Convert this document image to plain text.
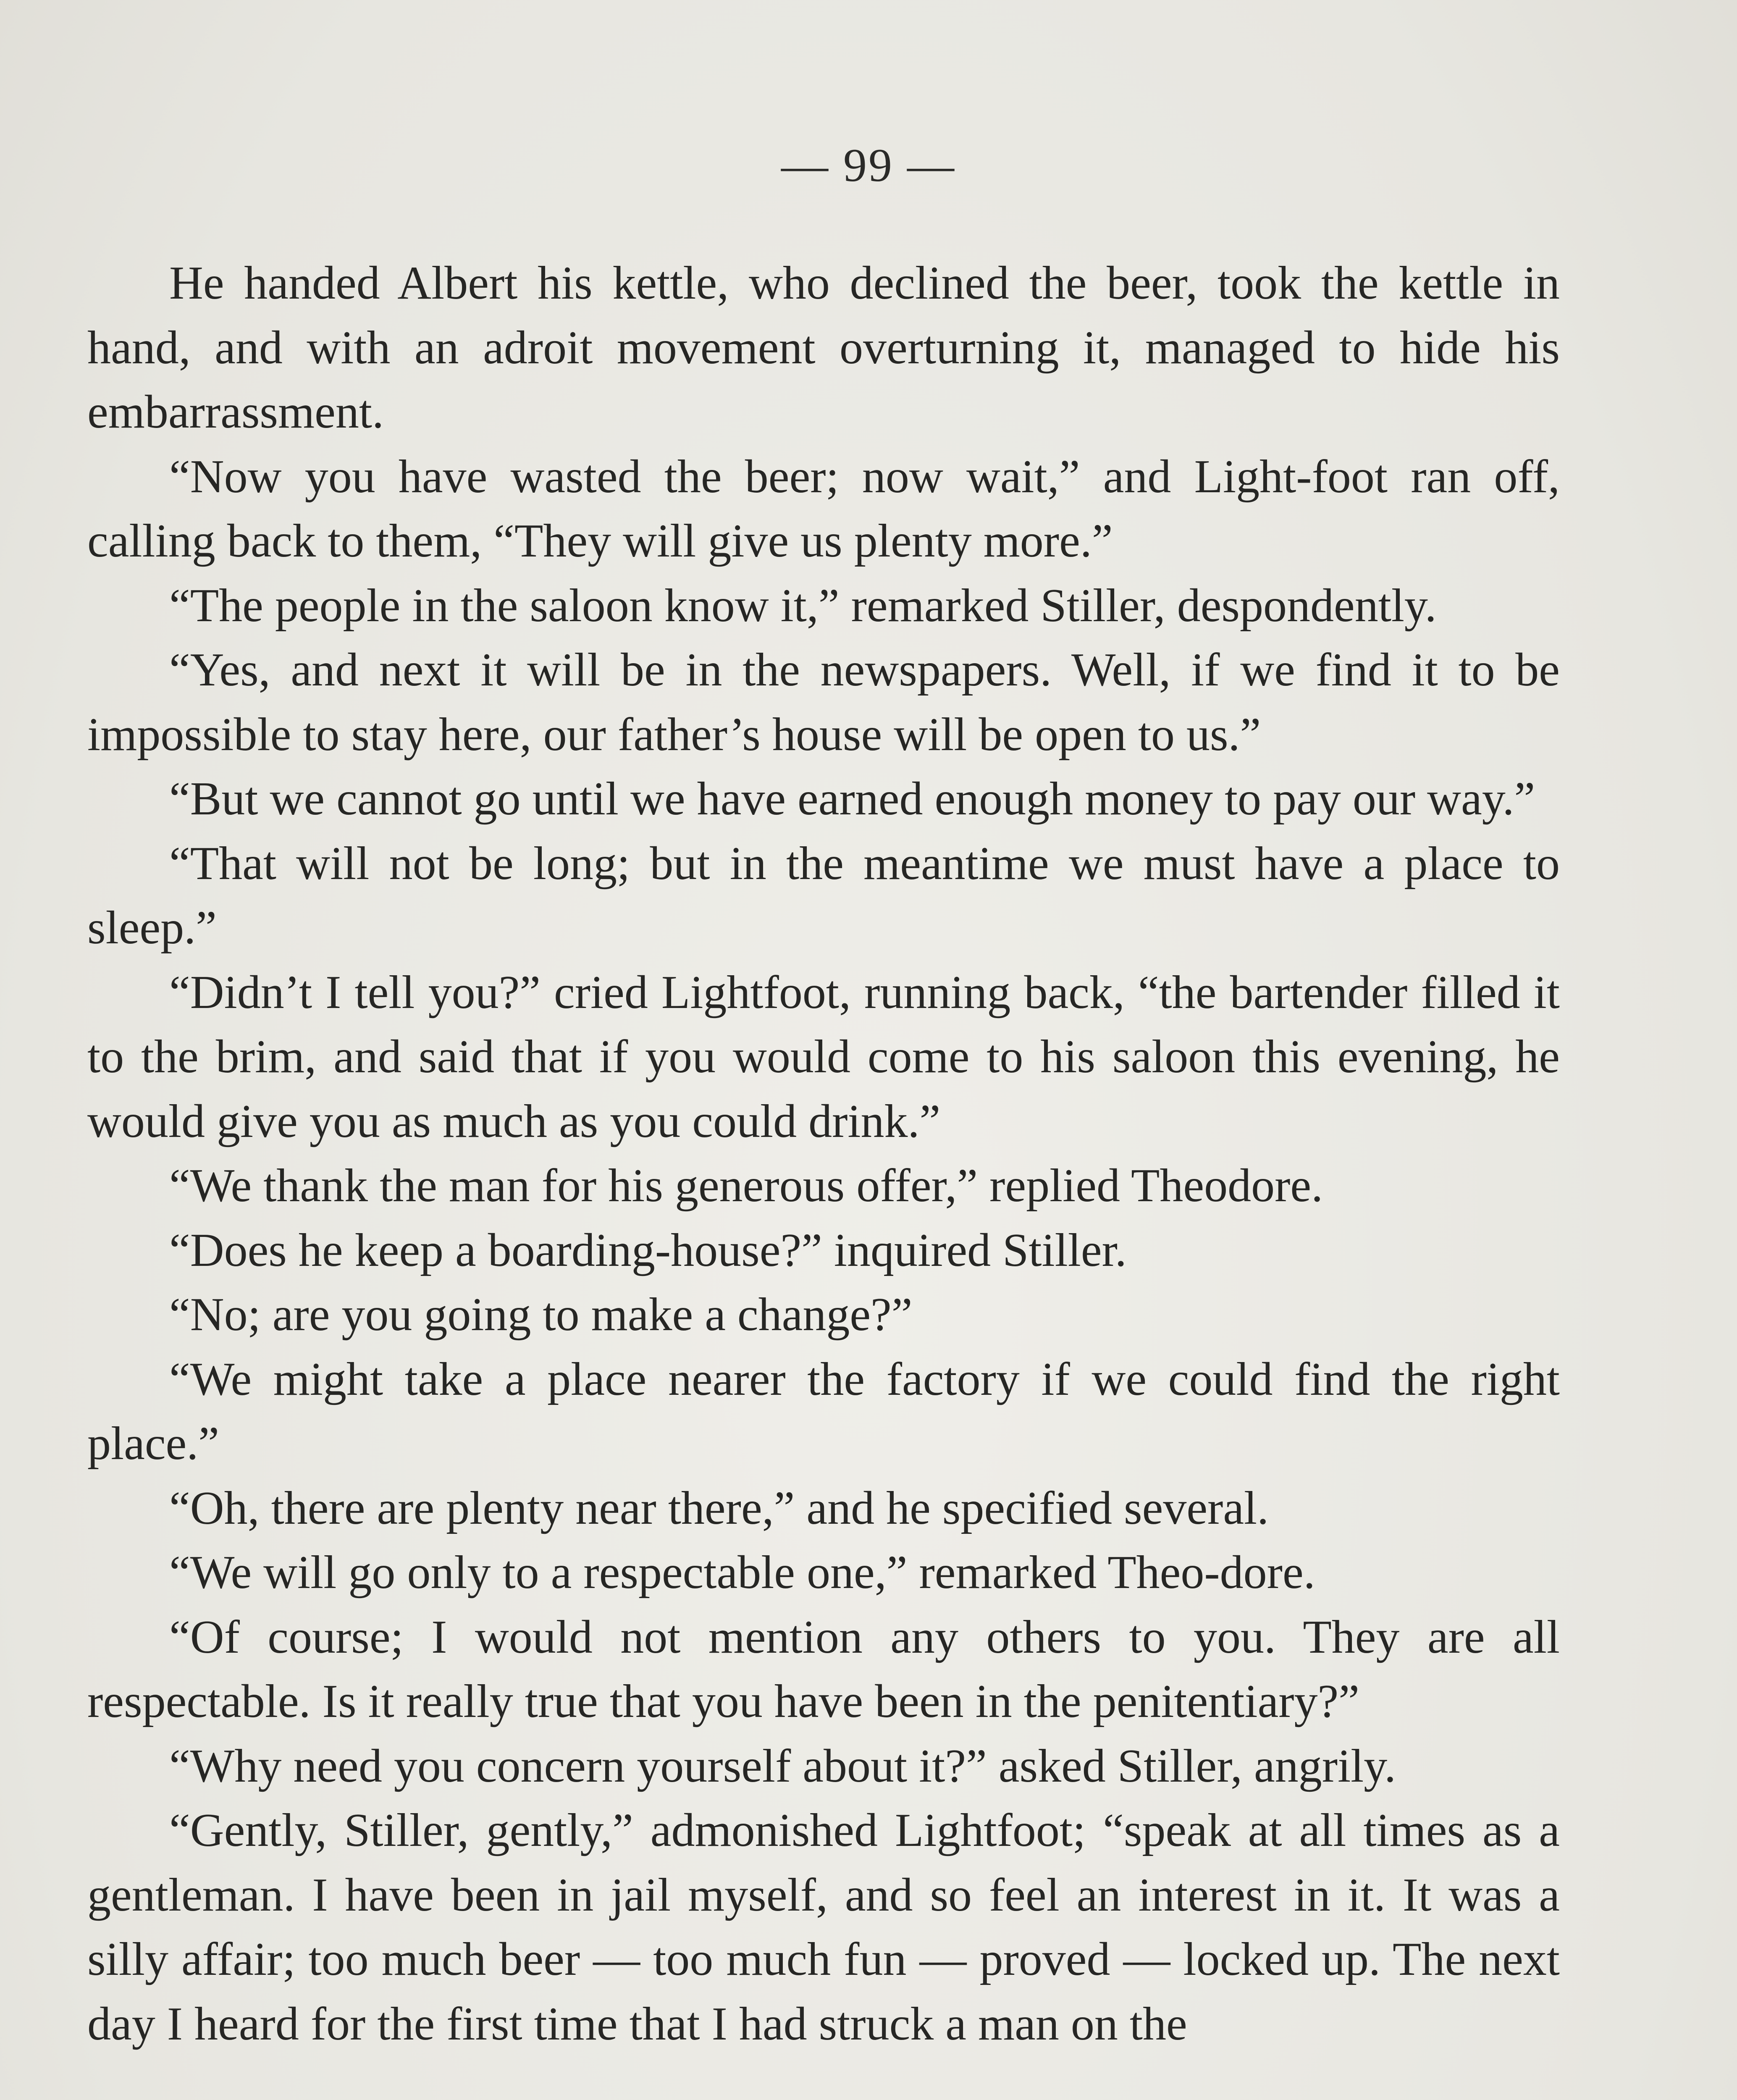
— 99 —

He handed Albert his kettle, who declined the beer, took the kettle in hand, and with an adroit movement overturning it, managed to hide his embarrassment.

“Now you have wasted the beer; now wait,” and Light-foot ran off, calling back to them, “They will give us plenty more.”

“The people in the saloon know it,” remarked Stiller, despondently.

“Yes, and next it will be in the newspapers. Well, if we find it to be impossible to stay here, our father’s house will be open to us.”

“But we cannot go until we have earned enough money to pay our way.”

“That will not be long; but in the meantime we must have a place to sleep.”

“Didn’t I tell you?” cried Lightfoot, running back, “the bartender filled it to the brim, and said that if you would come to his saloon this evening, he would give you as much as you could drink.”

“We thank the man for his generous offer,” replied Theodore.

“Does he keep a boarding-house?” inquired Stiller.

“No; are you going to make a change?”

“We might take a place nearer the factory if we could find the right place.”

“Oh, there are plenty near there,” and he specified several.

“We will go only to a respectable one,” remarked Theo-dore.

“Of course; I would not mention any others to you. They are all respectable. Is it really true that you have been in the penitentiary?”

“Why need you concern yourself about it?” asked Stiller, angrily.

“Gently, Stiller, gently,” admonished Lightfoot; “speak at all times as a gentleman. I have been in jail myself, and so feel an interest in it. It was a silly affair; too much beer — too much fun — proved — locked up. The next day I heard for the first time that I had struck a man on the
